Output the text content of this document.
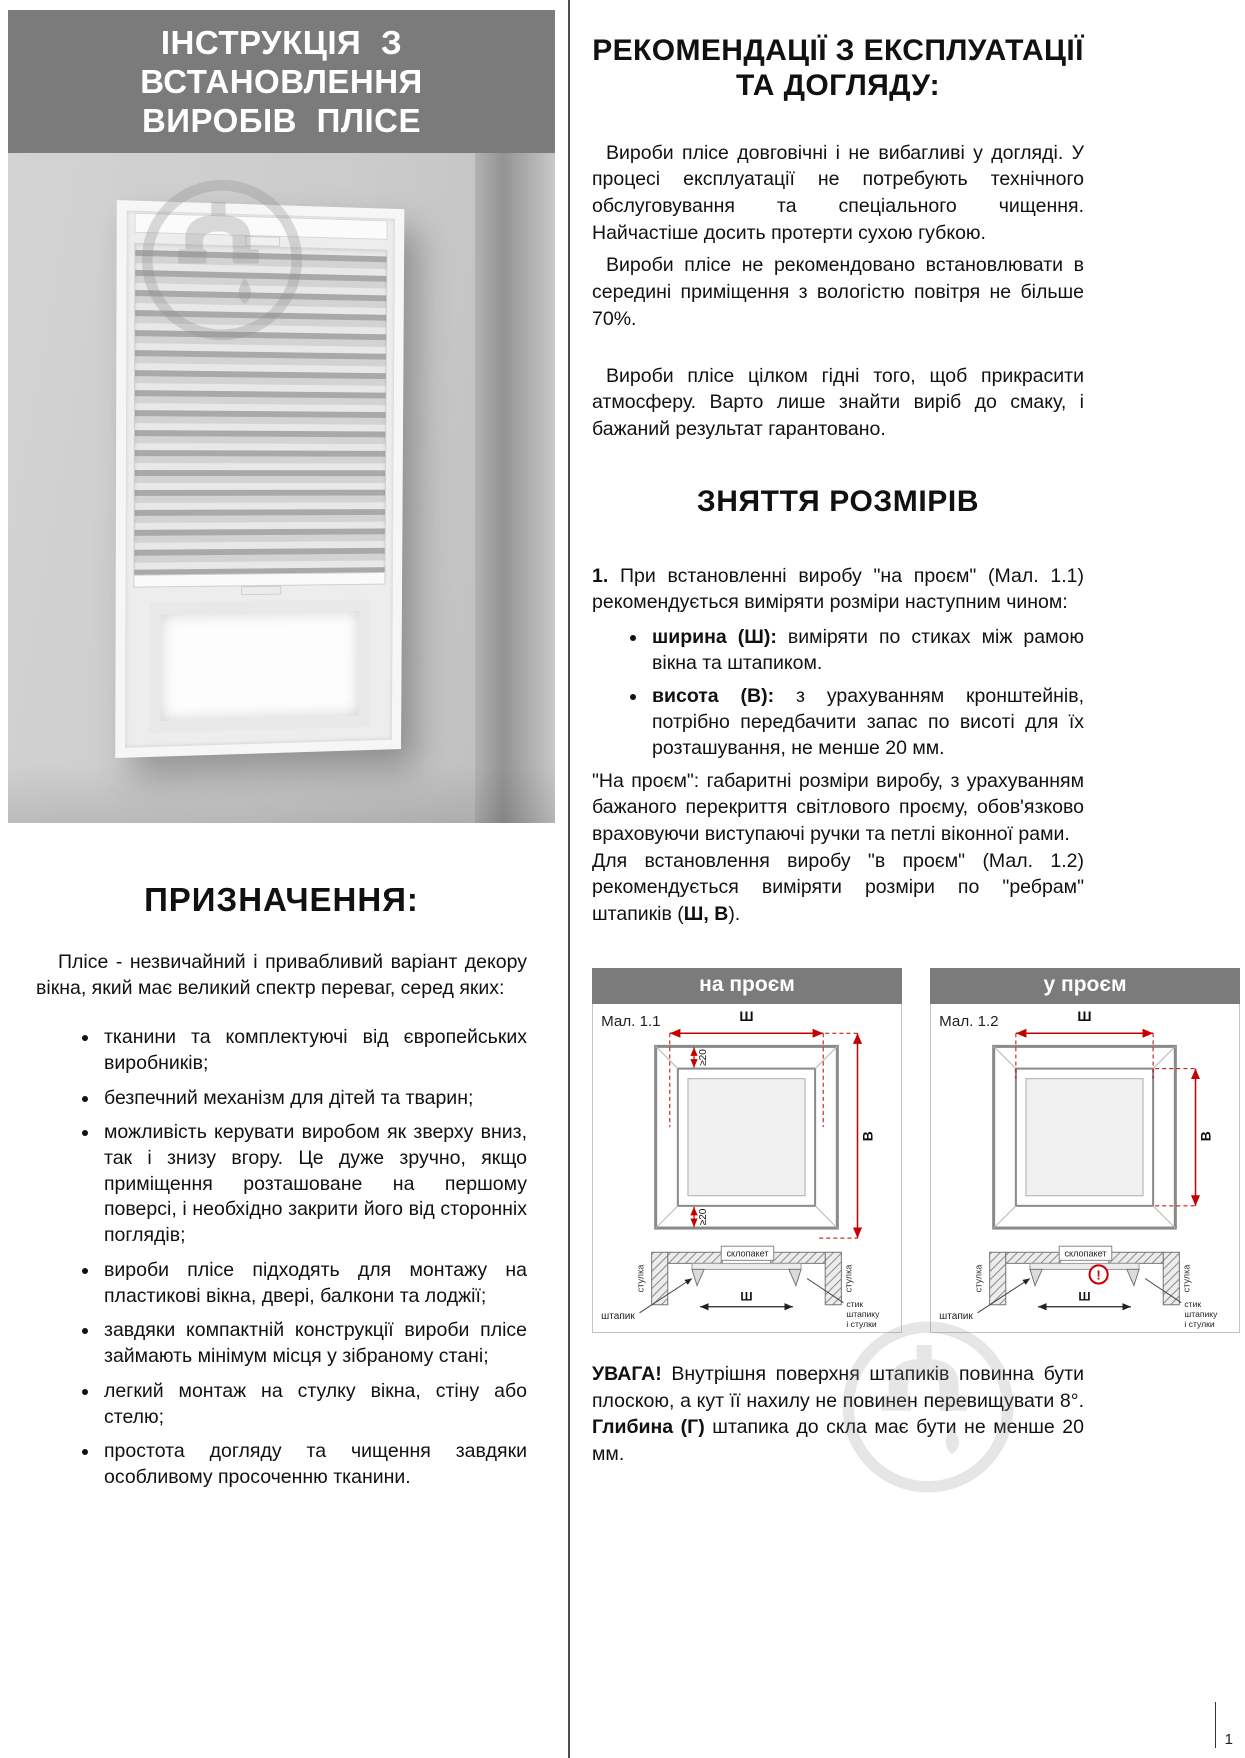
ІНСТРУКЦІЯ З ВСТАНОВЛЕННЯ
ВИРОБІВ ПЛІСЕ
ПРИЗНАЧЕННЯ:

Плісе - незвичайний і привабливий варіант декору вікна, який має великий спектр переваг, серед яких:

• тканини та комплектуючі від європейських виробників;
• безпечний механізм для дітей та тварин;
• можливість керувати виробом як зверху вниз, так і знизу вгору. Це дуже зручно, якщо приміщення розташоване на першому поверсі, і необхідно закрити його від сторонніх поглядів;
• вироби плісе підходять для монтажу на пластикові вікна, двері, балкони та лоджії;
• завдяки компактній конструкції вироби плісе займають мінімум місця у зібраному стані;
• легкий монтаж на стулку вікна, стіну або стелю;
• простота догляду та чищення завдяки особливому просоченню тканини.
РЕКОМЕНДАЦІЇ З ЕКСПЛУАТАЦІЇ
ТА ДОГЛЯДУ:

Вироби плісе довговічні і не вибагливі у догляді. У процесі експлуатації не потребують технічного обслуговування та спеціального чищення. Найчастіше досить протерти сухою губкою.

Вироби плісе не рекомендовано встановлювати в середині приміщення з вологістю повітря не більше 70%.

Вироби плісе цілком гідні того, щоб прикрасити атмосферу. Варто лише знайти виріб до смаку, і бажаний результат гарантовано.

ЗНЯТТЯ РОЗМІРІВ

1. При встановленні виробу "на проєм" (Мал. 1.1) рекомендується виміряти розміри наступним чином:

• ширина (Ш): виміряти по стиках між рамою вікна та штапиком.
• висота (В): з урахуванням кронштейнів, потрібно передбачити запас по висоті для їх розташування, не менше 20 мм.

"На проєм": габаритні розміри виробу, з урахуванням бажаного перекриття світлового проєму, обов'язково враховуючи виступаючі ручки та петлі віконної рами.

Для встановлення виробу "в проєм" (Мал. 1.2) рекомендується виміряти розміри по "ребрам" штапиків (Ш, В).

на проєм
Мал. 1.1	Ш
≥20
≥20
В
склопакет
стулка	стулка
штапик
Ш
стик
штапику
і стулки
у проєм
Мал. 1.2	Ш
В
склопакет
!
стулка	стулка
штапик
Ш
стик
штапику
і стулки

УВАГА! Внутрішня поверхня штапиків повинна бути плоскою, а кут її нахилу не повинен перевищувати 8°. Глибина (Г) штапика до скла має бути не менше 20 мм.

1
